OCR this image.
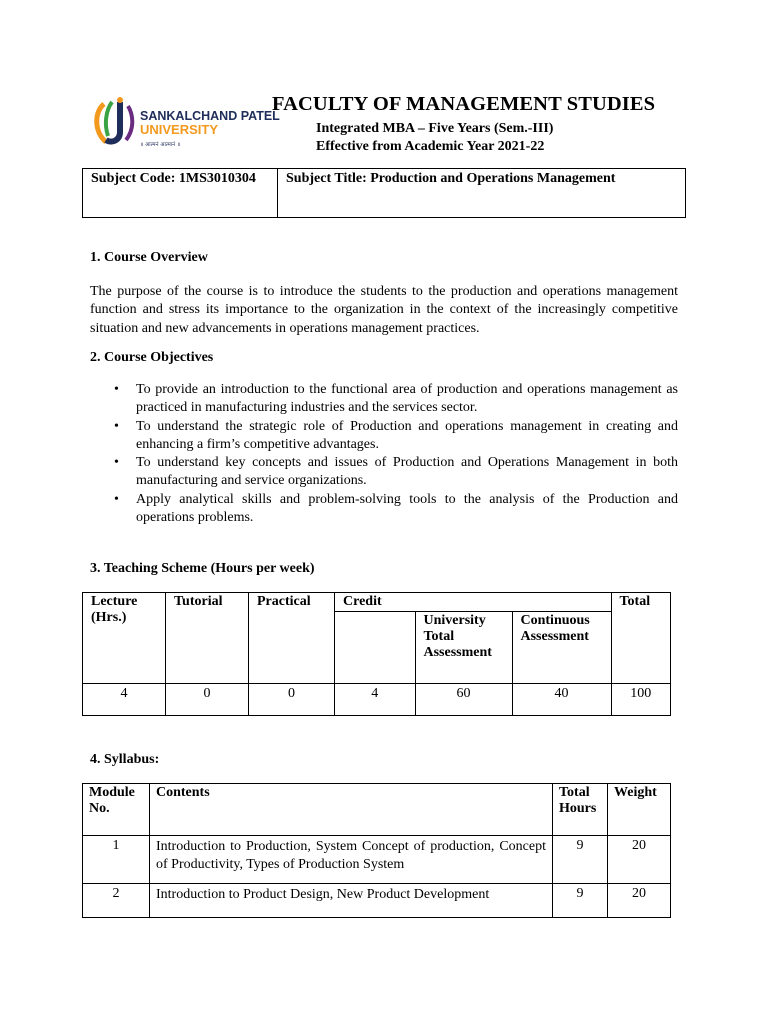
SANKALCHAND PATEL
UNIVERSITY
॥ आत्मनं आत्मानं ॥
FACULTY OF MANAGEMENT STUDIES
Integrated MBA – Five Years (Sem.-III)
Effective from Academic Year 2021-22
Subject Code: 1MS3010304	Subject Title: Production and Operations Management
1. Course Overview
The purpose of the course is to introduce the students to the production and operations management function and stress its importance to the organization in the context of the increasingly competitive situation and new advancements in operations management practices.
2. Course Objectives
• To provide an introduction to the functional area of production and operations management as practiced in manufacturing industries and the services sector.
• To understand the strategic role of Production and operations management in creating and enhancing a firm’s competitive advantages.
• To understand key concepts and issues of Production and Operations Management in both manufacturing and service organizations.
• Apply analytical skills and problem-solving tools to the analysis of the Production and operations problems.
3. Teaching Scheme (Hours per week)
Lecture (Hrs.)	Tutorial	Practical	Credit			Total
				University Total Assessment	Continuous Assessment	
4	0	0	4	60	40	100
4. Syllabus:
Module No.	Contents	Total Hours	Weight
1	Introduction to Production, System Concept of production, Concept of Productivity, Types of Production System	9	20
2	Introduction to Product Design, New Product Development	9	20
